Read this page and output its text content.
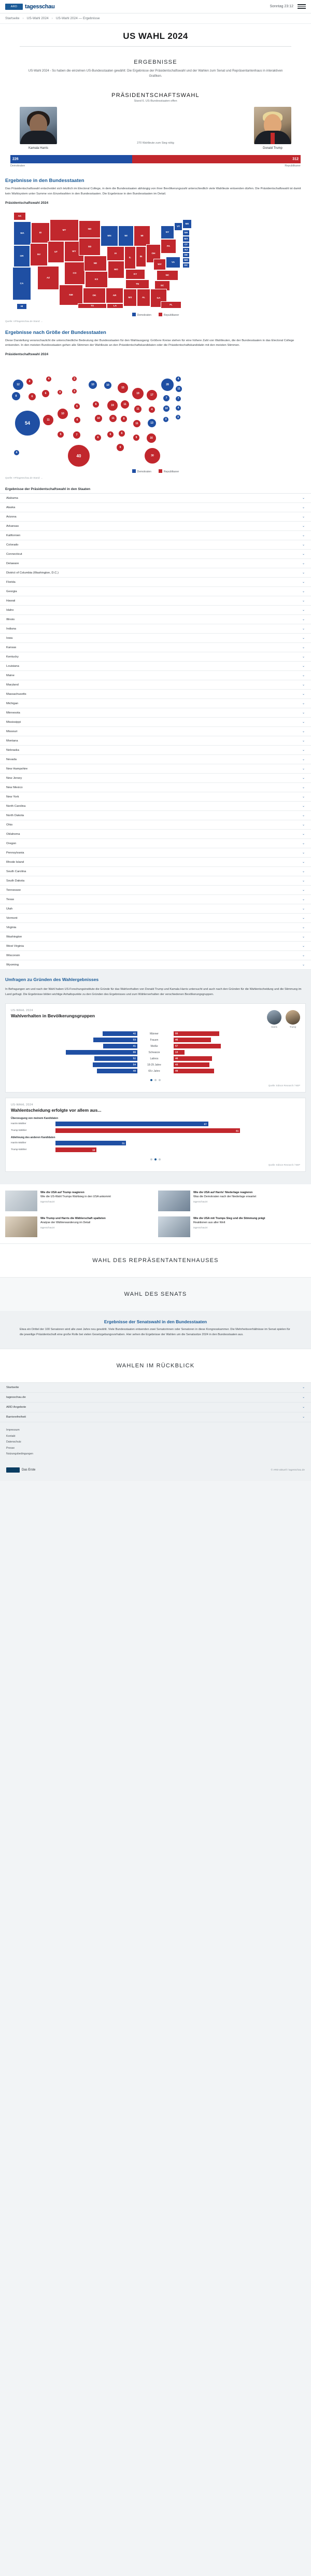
ARD	tagesschau	Sonntag 23:12
Startseite › US-Wahl 2024 › US-Wahl 2024 — Ergebnisse
US WAHL 2024
ERGEBNISSE
US-Wahl 2024 - So haben die einzelnen US-Bundesstaaten gewählt: Die Ergebnisse der Präsidentschaftswahl und der Wahlen zum Senat und Repräsentantenhaus in interaktiven Grafiken.
PRÄSIDENTSCHAFTSWAHL
Stand 6. US-Bundesstaaten offen
Kamala Harris
270 Wahlleute zum Sieg nötig
Donald Trump
226	312
Demokraten	Republikaner
Ergebnisse in den Bundesstaaten

Das Präsidentschaftswahl entscheidet sich letztlich im Electoral College, in dem die Bundesstaaten abhängig von ihrer Bevölkerungszahl unterschiedlich viele Wahlleute entsenden dürfen. Die Präsidentschaftswahl ist damit kein Wahlsystem unter Summe von Einzelwahlen in den Bundesstaaten. Die Ergebnisse in den Bundesstaaten im Detail.

Präsidentschaftswahl 2024
WA
OR
CA
ID
NV
UT
AZ
MT
WY
CO
NM
ND
SD
NE
KS
OK
TX
MN
IA
MO
AR
WI
IL	IN
MI
OH
KY
TN
MS	AL
LA
PA
NY
WV
VA
NC
SC
GA
FL
VT
ME
NH
MA
CT
NJ
DE
MD
DC
HI
AK
Demokraten	Republikaner
Quelle: AP/tagesschau.de Stand: ...
Ergebnisse nach Größe der Bundesstaaten

Diese Darstellung veranschaulicht die unterschiedliche Bedeutung der Bundesstaaten für den Wahlausgang: Größere Kreise stehen für eine höhere Zahl von Wahlleuten, die der Bundesstaaten in das Electoral College entsenden. In den meisten Bundesstaaten gehen alle Stimmen der Wahlleute an den Präsidentschaftskandidaten oder die Präsidentschaftskandidatin mit den meisten Stimmen.

Präsidentschaftswahl 2024
12
8
54
4
6
6
11
4
3
10
5
3
3
5
6
7
40
10
6
10
6
10
19
11
6
15
11
8
6
9
19
11
11
9
17
4
13
16
30
28
7
10
3
4
11
7
4
3
4
Demokraten	Republikaner
Quelle: AP/tagesschau.de Stand: ...
Ergebnisse der Präsidentschaftswahl in den Staaten
Alabama	⌄
Alaska	⌄
Arizona	⌄
Arkansas	⌄
Kalifornien	⌄
Colorado	⌄
Connecticut	⌄
Delaware	⌄
District of Columbia (Washington, D.C.)	⌄
Florida	⌄
Georgia	⌄
Hawaii	⌄
Idaho	⌄
Illinois	⌄
Indiana	⌄
Iowa	⌄
Kansas	⌄
Kentucky	⌄
Louisiana	⌄
Maine	⌄
Maryland	⌄
Massachusetts	⌄
Michigan	⌄
Minnesota	⌄
Mississippi	⌄
Missouri	⌄
Montana	⌄
Nebraska	⌄
Nevada	⌄
New Hampshire	⌄
New Jersey	⌄
New Mexico	⌄
New York	⌄
North Carolina	⌄
North Dakota	⌄
Ohio	⌄
Oklahoma	⌄
Oregon	⌄
Pennsylvania	⌄
Rhode Island	⌄
South Carolina	⌄
South Dakota	⌄
Tennessee	⌄
Texas	⌄
Utah	⌄
Vermont	⌄
Virginia	⌄
Washington	⌄
West Virginia	⌄
Wisconsin	⌄
Wyoming	⌄
Umfragen zu Gründen des Wahlergebnisses

In Befragungen am und nach der Wahl haben US-Forschungsinstitute die Gründe für das Wahlverhalten von Donald Trump und Kamala Harris untersucht und auch nach den Gründen für die Wahlentscheidung und die Stimmung im Land gefragt. Die Ergebnisse bilden wichtige Anhaltspunkte zu den Gründen des Ergebnisses und zum Wählerverhalten der verschiedenen Bevölkerungsgruppen.

US-WAHL 2024
Wahlverhalten in Bevölkerungsgruppen
Harris	Trump
42	Männer	55
53	Frauen	45
41	Weiße	57
86	Schwarze	13
52	Latinos	46
54	18-29 Jahre	43
49	65+ Jahre	49
Quelle: Edison Research / NEP
US-WAHL 2024
Wahlentscheidung erfolgte vor allem aus...
Überzeugung von meinem Kandidaten
Harris-Wähler	67
Trump-Wähler	81
Ablehnung des anderen Kandidaten
Harris-Wähler	31
Trump-Wähler	18
Quelle: Edison Research / NEP
Wie die USA auf Trump reagieren
Wie die US-Wahl Trumps Wahlsieg in den USA ankommt
tagesschau24
Wie die USA auf Harris' Niederlage reagieren
Was die Demokraten nach der Niederlage erwartet
tagesschau24
Wie Trump und Harris die Wählerschaft spalteten
Analyse der Wählerwanderung im Detail
tagesschau24
Wie die USA mit Trumps Sieg und die Stimmung prägt
Reaktionen aus aller Welt
tagesschau24
WAHL DES REPRÄSENTANTENHAUSES
WAHL DES SENATS
Ergebnisse der Senatswahl in den Bundesstaaten

Etwa ein Drittel der 100 Senatoren wird alle zwei Jahre neu gewählt. Viele Bundesstaaten entsenden zwei Senatorinnen oder Senatoren in diese Kongresskammer. Die Mehrheitsverhältnisse im Senat spielen für die jeweilige Präsidentschaft eine große Rolle bei vielen Gesetzgebungsvorhaben. Hier sehen die Ergebnisse der Wahlen um die Senatssitze 2024 in den Bundesstaaten aus.

WAHLEN IM RÜCKBLICK
Startseite	⌄
tagesschau.de	⌄
ARD Angebote	⌄
Barrierefreiheit	⌄
Impressum
Kontakt
Datenschutz
Presse
Nutzungsbedingungen
Das Erste	© ARD-aktuell / tagesschau.de
